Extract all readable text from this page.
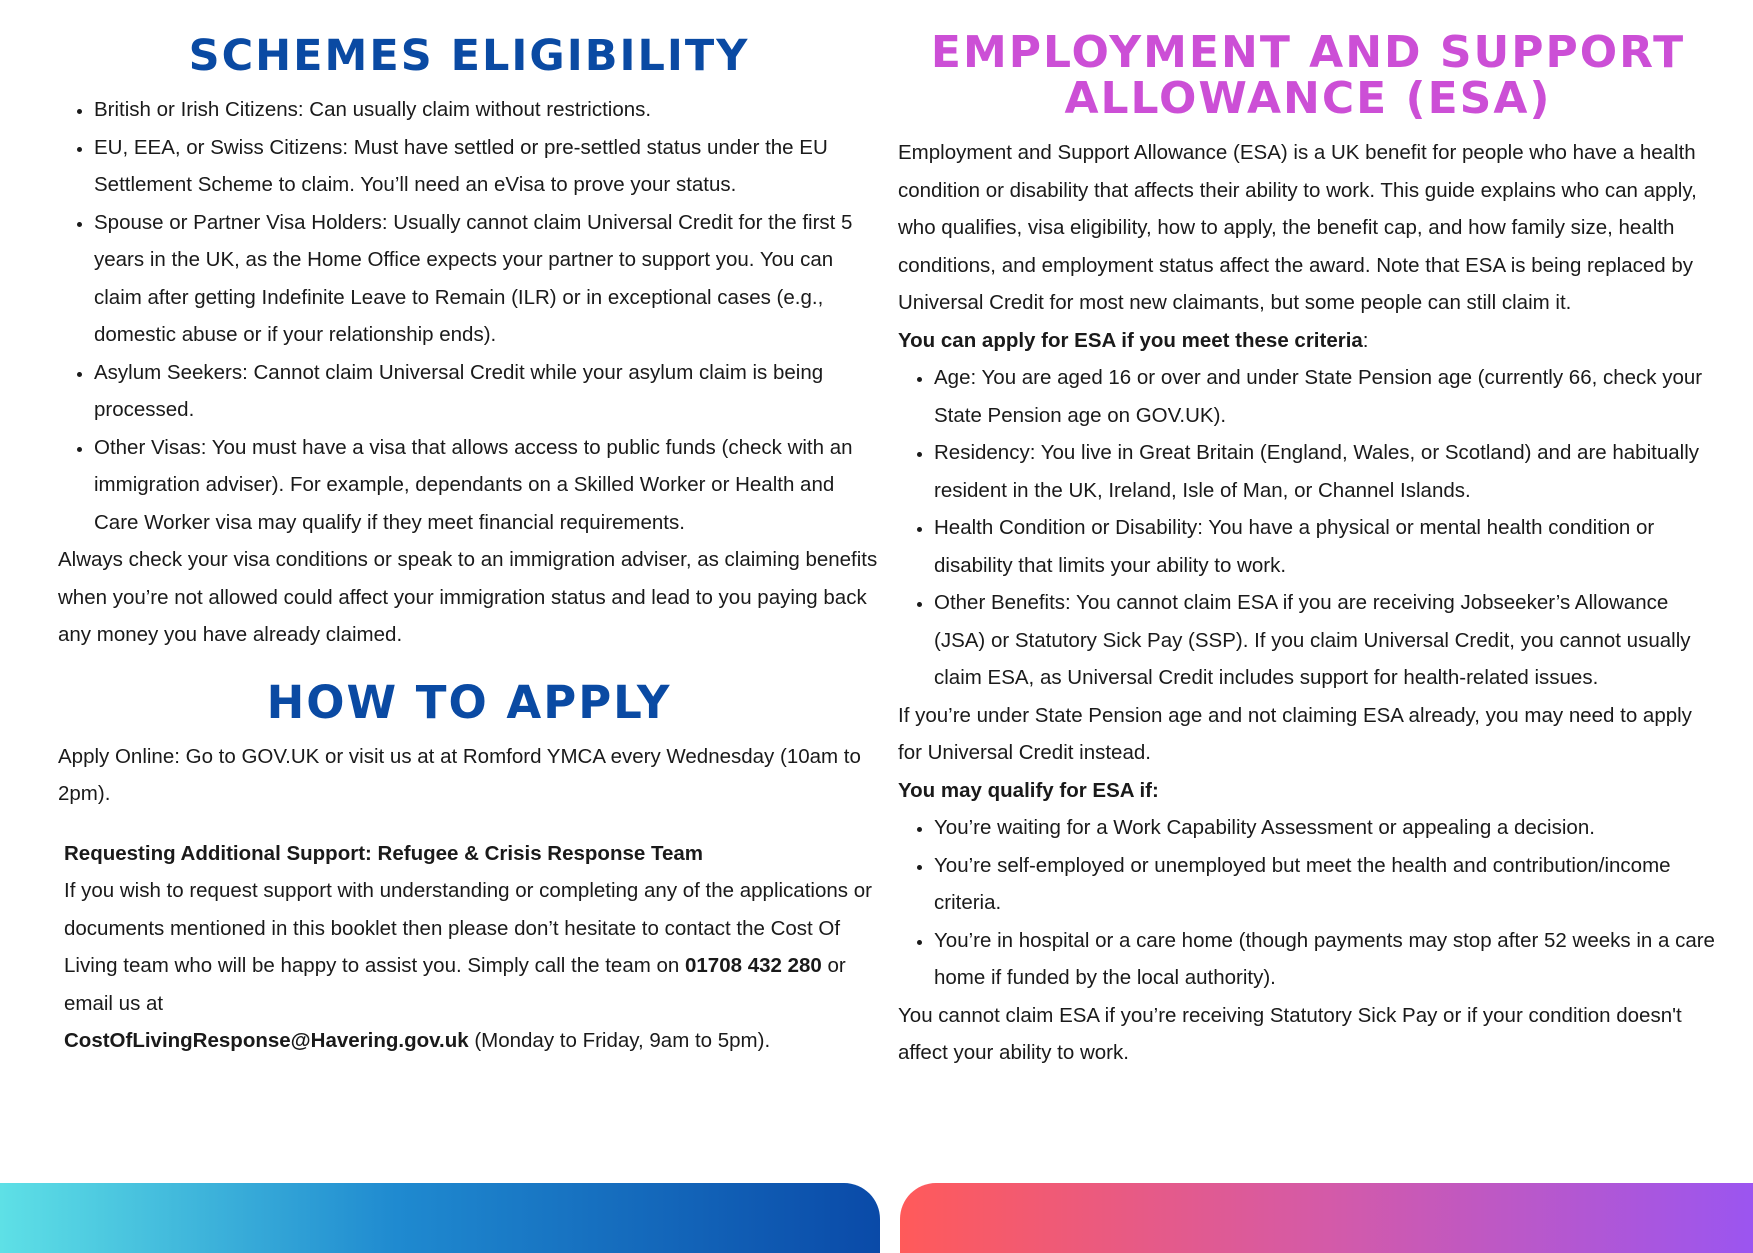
SCHEMES ELIGIBILITY
• British or Irish Citizens: Can usually claim without restrictions.
• EU, EEA, or Swiss Citizens: Must have settled or pre-settled status under the EU Settlement Scheme to claim. You’ll need an eVisa to prove your status.
• Spouse or Partner Visa Holders: Usually cannot claim Universal Credit for the first 5 years in the UK, as the Home Office expects your partner to support you. You can claim after getting Indefinite Leave to Remain (ILR) or in exceptional cases (e.g., domestic abuse or if your relationship ends).
• Asylum Seekers: Cannot claim Universal Credit while your asylum claim is being processed.
• Other Visas: You must have a visa that allows access to public funds (check with an immigration adviser). For example, dependants on a Skilled Worker or Health and Care Worker visa may qualify if they meet financial requirements.

Always check your visa conditions or speak to an immigration adviser, as claiming benefits when you’re not allowed could affect your immigration status and lead to you paying back any money you have already claimed.

HOW TO APPLY

Apply Online: Go to GOV.UK or visit us at at Romford YMCA every Wednesday (10am to 2pm).

Requesting Additional Support: Refugee & Crisis Response Team

If you wish to request support with understanding or completing any of the applications or documents mentioned in this booklet then please don’t hesitate to contact the Cost Of Living team who will be happy to assist you. Simply call the team on 01708 432 280 or email us at
CostOfLivingResponse@Havering.gov.uk (Monday to Friday, 9am to 5pm).

EMPLOYMENT AND SUPPORT ALLOWANCE (ESA)

Employment and Support Allowance (ESA) is a UK benefit for people who have a health condition or disability that affects their ability to work. This guide explains who can apply, who qualifies, visa eligibility, how to apply, the benefit cap, and how family size, health conditions, and employment status affect the award. Note that ESA is being replaced by Universal Credit for most new claimants, but some people can still claim it.

You can apply for ESA if you meet these criteria:

• Age: You are aged 16 or over and under State Pension age (currently 66, check your State Pension age on GOV.UK).
• Residency: You live in Great Britain (England, Wales, or Scotland) and are habitually resident in the UK, Ireland, Isle of Man, or Channel Islands.
• Health Condition or Disability: You have a physical or mental health condition or disability that limits your ability to work.
• Other Benefits: You cannot claim ESA if you are receiving Jobseeker’s Allowance (JSA) or Statutory Sick Pay (SSP). If you claim Universal Credit, you cannot usually claim ESA, as Universal Credit includes support for health-related issues.

If you’re under State Pension age and not claiming ESA already, you may need to apply for Universal Credit instead.

You may qualify for ESA if:

• You’re waiting for a Work Capability Assessment or appealing a decision.
• You’re self-employed or unemployed but meet the health and contribution/income criteria.
• You’re in hospital or a care home (though payments may stop after 52 weeks in a care home if funded by the local authority).

You cannot claim ESA if you’re receiving Statutory Sick Pay or if your condition doesn't affect your ability to work.
